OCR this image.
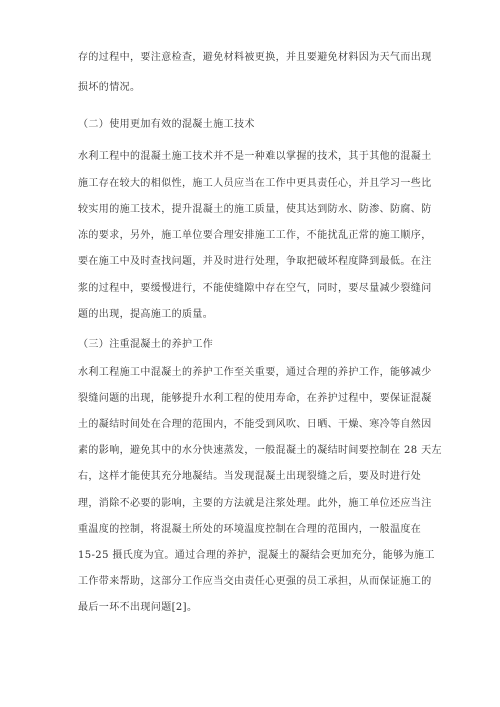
存的过程中，要注意检查，避免材料被更换，并且要避免材料因为天气而出现
损坏的情况。
（二）使用更加有效的混凝土施工技术
水利工程中的混凝土施工技术并不是一种难以掌握的技术，其于其他的混凝土
施工存在较大的相似性，施工人员应当在工作中更具责任心，并且学习一些比
较实用的施工技术，提升混凝土的施工质量，使其达到防水、防渗、防腐、防
冻的要求，另外，施工单位要合理安排施工工作，不能扰乱正常的施工顺序，
要在施工中及时查找问题，并及时进行处理，争取把破坏程度降到最低。在注
浆的过程中，要缓慢进行，不能使缝隙中存在空气，同时，要尽量减少裂缝问
题的出现，提高施工的质量。
（三）注重混凝土的养护工作
水利工程施工中混凝土的养护工作至关重要，通过合理的养护工作，能够减少
裂缝问题的出现，能够提升水利工程的使用寿命，在养护过程中，要保证混凝
土的凝结时间处在合理的范围内，不能受到风吹、日晒、干燥、寒冷等自然因
素的影响，避免其中的水分快速蒸发，一般混凝土的凝结时间要控制在 28 天左
右，这样才能使其充分地凝结。当发现混凝土出现裂缝之后，要及时进行处
理，消除不必要的影响，主要的方法就是注浆处理。此外，施工单位还应当注
重温度的控制，将混凝土所处的环境温度控制在合理的范围内，一般温度在
15-25 摄氏度为宜。通过合理的养护，混凝土的凝结会更加充分，能够为施工
工作带来帮助，这部分工作应当交由责任心更强的员工承担，从而保证施工的
最后一环不出现问题[2]。
